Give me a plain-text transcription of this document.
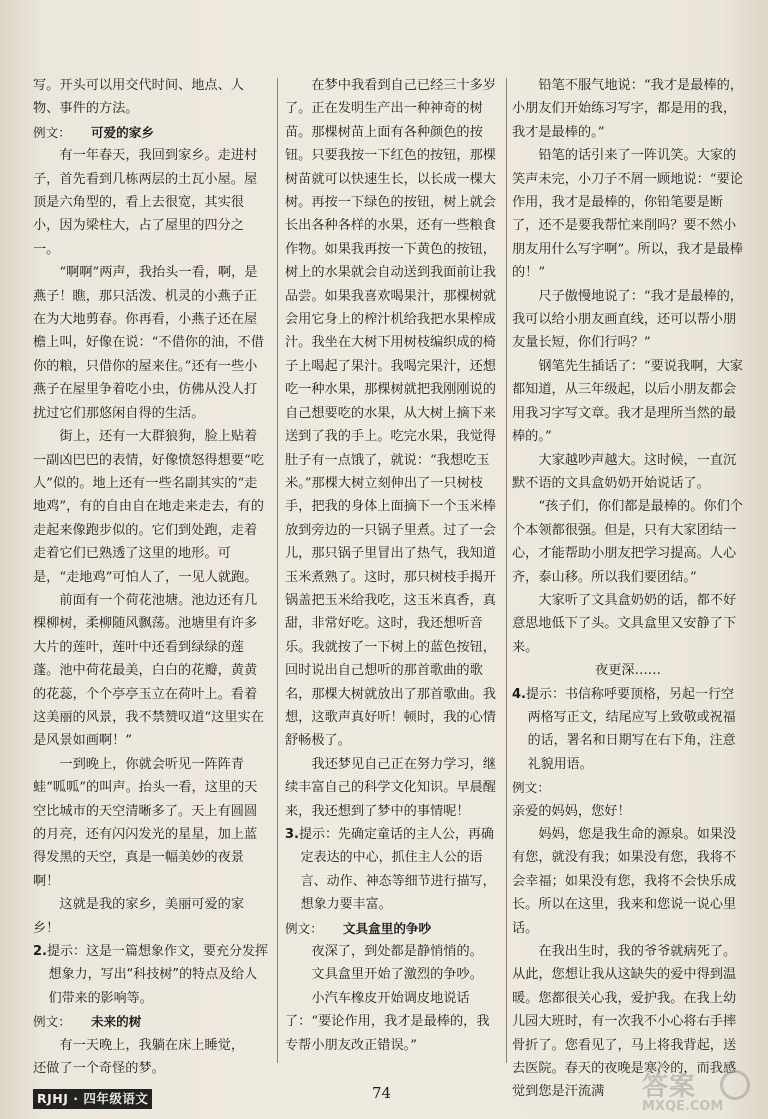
写。开头可以用交代时间、地点、人物、事件的方法。

例文： 可爱的家乡

有一年春天，我回到家乡。走进村子，首先看到几栋两层的土瓦小屋。屋顶是六角型的，看上去很宽，其实很小，因为梁柱大，占了屋里的四分之一。

“啊啊”两声，我抬头一看，啊，是燕子！瞧，那只活泼、机灵的小燕子正在为大地剪春。你再看，小燕子还在屋檐上叫，好像在说：“不借你的油，不借你的粮，只借你的屋来住。”还有一些小燕子在屋里争着吃小虫，仿佛从没人打扰过它们那悠闲自得的生活。

街上，还有一大群狼狗，脸上贴着一副凶巴巴的表情，好像愤怒得想要“吃人”似的。地上还有一些名副其实的“走地鸡”，有的自由自在地走来走去，有的走起来像跑步似的。它们到处跑，走着走着它们已熟透了这里的地形。可是，“走地鸡”可怕人了，一见人就跑。

前面有一个荷花池塘。池边还有几棵柳树，柔柳随风飘荡。池塘里有许多大片的莲叶，莲叶中还看到绿绿的莲蓬。池中荷花最美，白白的花瓣，黄黄的花蕊，个个亭亭玉立在荷叶上。看着这美丽的风景，我不禁赞叹道“这里实在是风景如画啊！”

一到晚上，你就会听见一阵阵青蛙“呱呱”的叫声。抬头一看，这里的天空比城市的天空清晰多了。天上有圆圆的月亮，还有闪闪发光的星星，加上蓝得发黑的天空，真是一幅美妙的夜景啊！

这就是我的家乡，美丽可爱的家乡！

2.提示：这是一篇想象作文，要充分发挥想象力，写出“科技树”的特点及给人们带来的影响等。

例文： 未来的树

有一天晚上，我躺在床上睡觉，

还做了一个奇怪的梦。

在梦中我看到自己已经三十多岁了。正在发明生产出一种神奇的树苗。那棵树苗上面有各种颜色的按钮。只要我按一下红色的按钮，那棵树苗就可以快速生长，以长成一棵大树。再按一下绿色的按钮，树上就会长出各种各样的水果，还有一些粮食作物。如果我再按一下黄色的按钮，树上的水果就会自动送到我面前让我品尝。如果我喜欢喝果汁，那棵树就会用它身上的榨汁机给我把水果榨成汁。我坐在大树下用树枝编织成的椅子上喝起了果汁。我喝完果汁，还想吃一种水果，那棵树就把我刚刚说的自己想要吃的水果，从大树上摘下来送到了我的手上。吃完水果，我觉得肚子有一点饿了，就说：“我想吃玉米。”那棵大树立刻伸出了一只树枝手，把我的身体上面摘下一个玉米棒放到旁边的一只锅子里煮。过了一会儿，那只锅子里冒出了热气，我知道玉米煮熟了。这时，那只树枝手揭开锅盖把玉米给我吃，这玉米真香，真甜，非常好吃。这时，我还想听音乐。我就按了一下树上的蓝色按钮，回时说出自己想听的那首歌曲的歌名，那棵大树就放出了那首歌曲。我想，这歌声真好听！顿时，我的心情舒畅极了。

我还梦见自己正在努力学习，继续丰富自己的科学文化知识。早晨醒来，我还想到了梦中的事情呢！

3.提示：先确定童话的主人公，再确定表达的中心，抓住主人公的语言、动作、神态等细节进行描写，想象力要丰富。

例文： 文具盒里的争吵

夜深了，到处都是静悄悄的。

文具盒里开始了激烈的争吵。

小汽车橡皮开始调皮地说话了：“要论作用，我才是最棒的，我专帮小朋友改正错误。”

铅笔不服气地说：“我才是最棒的，小朋友们开始练习写字，都是用的我，我才是最棒的。”

铅笔的话引来了一阵讥笑。大家的笑声未完，小刀子不屑一顾地说：“要论作用，我才是最棒的，你铅笔要是断了，还不是要我帮忙来削吗？要不然小朋友用什么写字啊”。所以，我才是最棒的！”

尺子傲慢地说了：“我才是最棒的，我可以给小朋友画直线，还可以帮小朋友量长短，你们行吗？”

钢笔先生插话了：“要说我啊，大家都知道，从三年级起，以后小朋友都会用我习字写文章。我才是理所当然的最棒的。”

大家越吵声越大。这时候，一直沉默不语的文具盒奶奶开始说话了。

“孩子们，你们都是最棒的。你们个个本领都很强。但是，只有大家团结一心，才能帮助小朋友把学习提高。人心齐，泰山移。所以我们要团结。”

大家听了文具盒奶奶的话，都不好意思地低下了头。文具盒里又安静了下来。

夜更深……

4.提示：书信称呼要顶格，另起一行空两格写正文，结尾应写上致敬或祝福的话，署名和日期写在右下角，注意礼貌用语。

例文：

亲爱的妈妈，您好！

妈妈，您是我生命的源泉。如果没有您，就没有我；如果没有您，我将不会幸福；如果没有您，我将不会快乐成长。所以在这里，我来和您说一说心里话。

在我出生时，我的爷爷就病死了。从此，您想让我从这缺失的爱中得到温暖。您都很关心我，爱护我。在我上幼儿园大班时，有一次我不小心将右手摔骨折了。您看见了，马上将我背起，送去医院。春天的夜晚是寒冷的，而我感觉到您是汗流满

RJHJ · 四年级语文	74	答案
MXQE.COM
